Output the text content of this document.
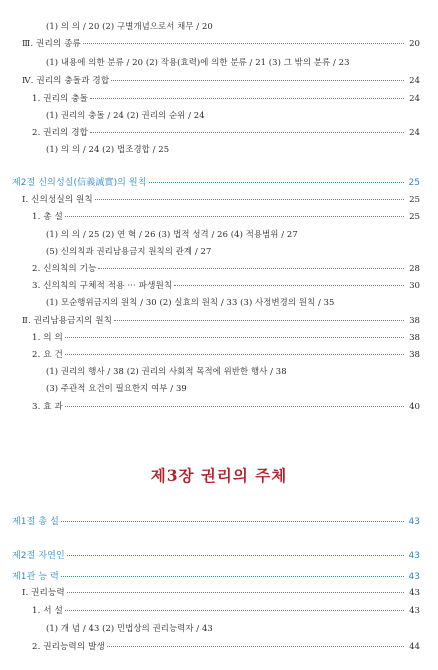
제3장 권리의 주체
(1) 의 의 / 20 (2) 구별개념으로서 채무 / 20
Ⅲ. 권리의 종류	20
(1) 내용에 의한 분류 / 20 (2) 작용(효력)에 의한 분류 / 21 (3) 그 밖의 분류 / 23
Ⅳ. 권리의 충돌과 경합	24
1. 권리의 충돌	24
(1) 권리의 충돌 / 24 (2) 권리의 순위 / 24
2. 권리의 경합	24
(1) 의 의 / 24 (2) 법조경합 / 25
제2절 신의성실(信義誠實)의 원칙	25
Ⅰ. 신의성실의 원칙	25
1. 총 설	25
(1) 의 의 / 25 (2) 연 혁 / 26 (3) 법적 성격 / 26 (4) 적용범위 / 27
(5) 신의칙과 권리남용금지 원칙의 관계 / 27
2. 신의칙의 기능	28
3. 신의칙의 구체적 적용 ··· 파생원칙	30
(1) 모순행위금지의 원칙 / 30 (2) 실효의 원칙 / 33 (3) 사정변경의 원칙 / 35
Ⅱ. 권리남용금지의 원칙	38
1. 의 의	38
2. 요 건	38
(1) 권리의 행사 / 38 (2) 권리의 사회적 목적에 위반한 행사 / 38
(3) 주관적 요건이 필요한지 여부 / 39
3. 효 과	40
제1절 총 설	43
제2절 자연인	43
제1관 능 력	43
Ⅰ. 권리능력	43
1. 서 설	43
(1) 개 념 / 43 (2) 민법상의 권리능력자 / 43
2. 권리능력의 발생	44
